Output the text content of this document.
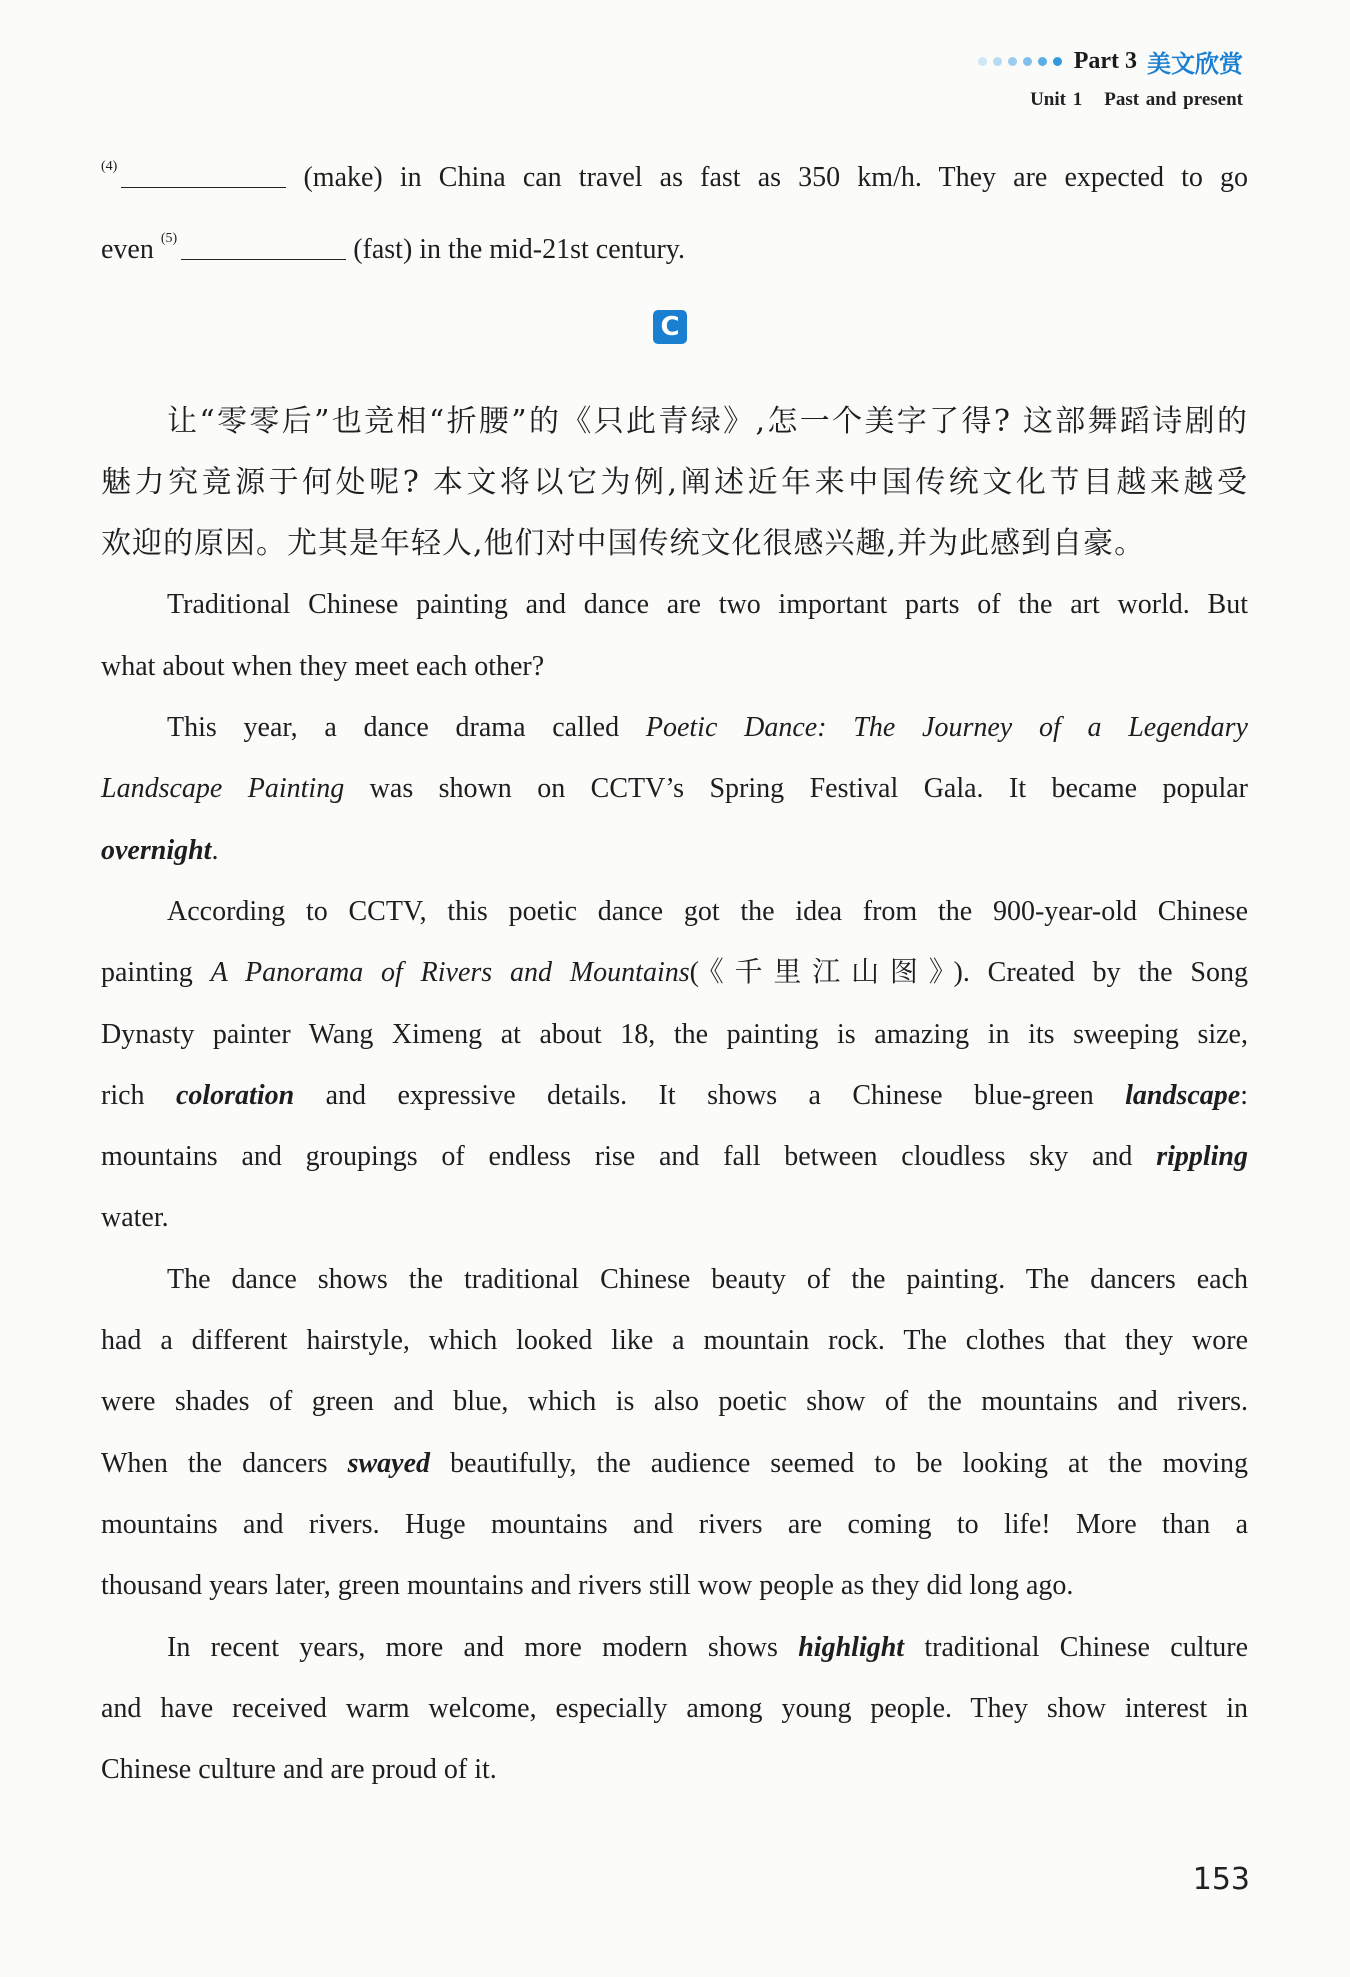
Part 3 美文欣赏
Unit 1 Past and present
$^{(4)}$	(make) in China can travel as fast as 350 km/h. They are expected to go
even $^{(5)}$	(fast) in the mid-21st century.
C
让“零零后”也竞相“折腰”的《只此青绿》,怎一个美字了得? 这部舞蹈诗剧的
魅力究竟源于何处呢? 本文将以它为例,阐述近年来中国传统文化节目越来越受
欢迎的原因。尤其是年轻人,他们对中国传统文化很感兴趣,并为此感到自豪。
Traditional Chinese painting and dance are two important parts of the art world. But
what about when they meet each other?
This year, a dance drama called Poetic Dance: The Journey of a Legendary
Landscape Painting was shown on CCTV’s Spring Festival Gala. It became popular
overnight.
According to CCTV, this poetic dance got the idea from the 900-year-old Chinese
painting A Panorama of Rivers and Mountains(《千里江山图》). Created by the Song
Dynasty painter Wang Ximeng at about 18, the painting is amazing in its sweeping size,
rich coloration and expressive details. It shows a Chinese blue-green landscape:
mountains and groupings of endless rise and fall between cloudless sky and rippling
water.
The dance shows the traditional Chinese beauty of the painting. The dancers each
had a different hairstyle, which looked like a mountain rock. The clothes that they wore
were shades of green and blue, which is also poetic show of the mountains and rivers.
When the dancers swayed beautifully, the audience seemed to be looking at the moving
mountains and rivers. Huge mountains and rivers are coming to life! More than a
thousand years later, green mountains and rivers still wow people as they did long ago.
In recent years, more and more modern shows highlight traditional Chinese culture
and have received warm welcome, especially among young people. They show interest in
Chinese culture and are proud of it.
153
